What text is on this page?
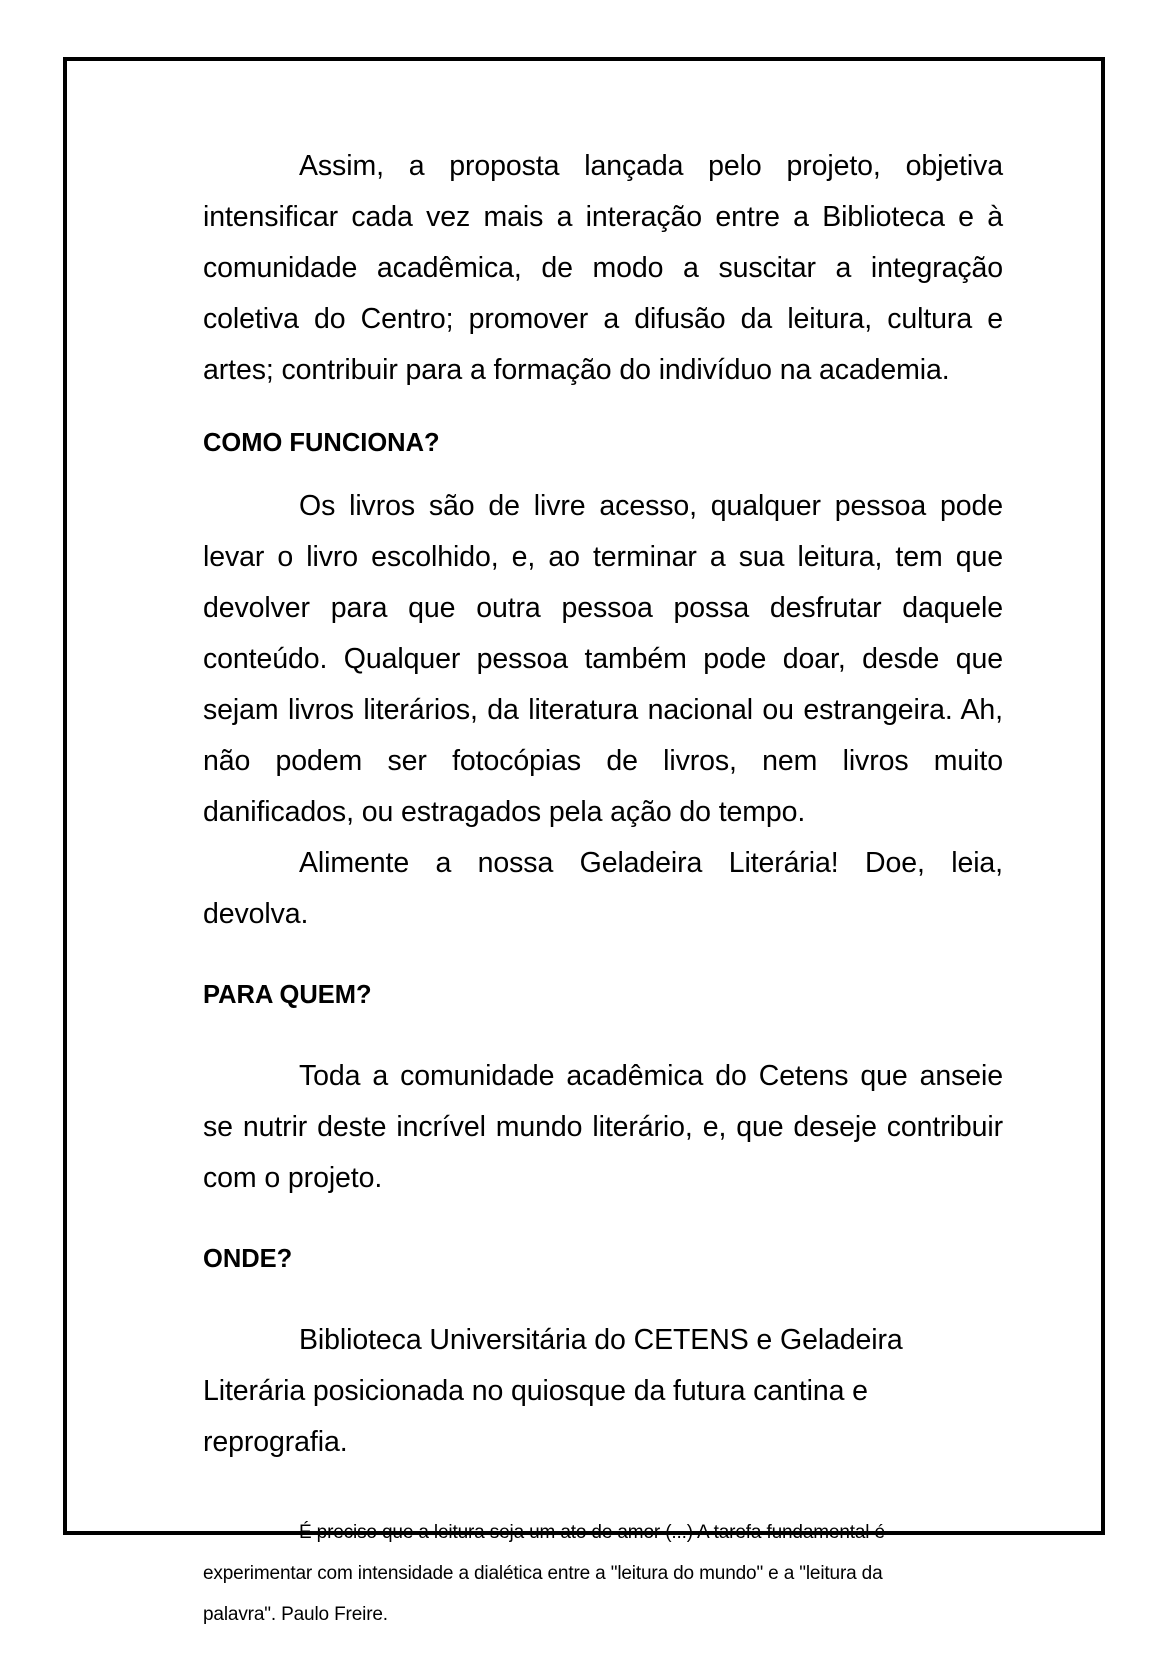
Assim, a proposta lançada pelo projeto, objetiva intensificar cada vez mais a interação entre a Biblioteca e à comunidade acadêmica, de modo a suscitar a integração coletiva do Centro; promover a difusão da leitura, cultura e artes; contribuir para a formação do indivíduo na academia.

COMO FUNCIONA?

Os livros são de livre acesso, qualquer pessoa pode levar o livro escolhido, e, ao terminar a sua leitura, tem que devolver para que outra pessoa possa desfrutar daquele conteúdo. Qualquer pessoa também pode doar, desde que sejam livros literários, da literatura nacional ou estrangeira. Ah, não podem ser fotocópias de livros, nem livros muito danificados, ou estragados pela ação do tempo.

Alimente a nossa Geladeira Literária! Doe, leia, devolva.

PARA QUEM?

Toda a comunidade acadêmica do Cetens que anseie se nutrir deste incrível mundo literário, e, que deseje contribuir com o projeto.

ONDE?

Biblioteca Universitária do CETENS e Geladeira Literária posicionada no quiosque da futura cantina e reprografia.

É preciso que a leitura seja um ato de amor (...) A tarefa fundamental é

experimentar com intensidade a dialética entre a "leitura do mundo" e a "leitura da

palavra". Paulo Freire.
